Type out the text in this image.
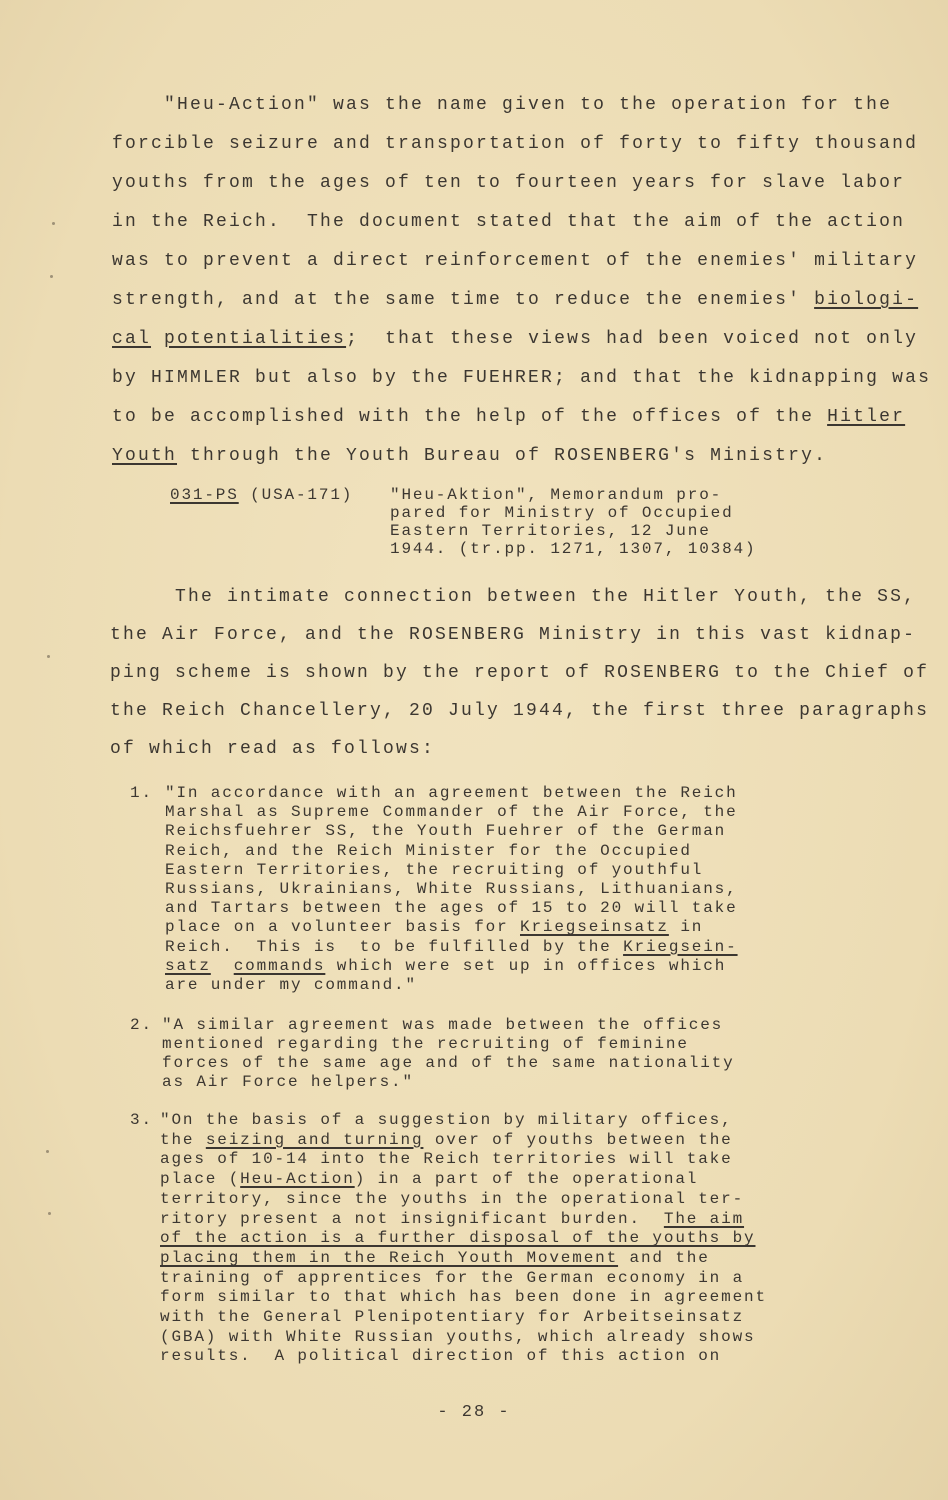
"Heu-Action" was the name given to the operation for the
forcible seizure and transportation of forty to fifty thousand
youths from the ages of ten to fourteen years for slave labor
in the Reich.  The document stated that the aim of the action
was to prevent a direct reinforcement of the enemies' military
strength, and at the same time to reduce the enemies' biologi-
cal potentialities;  that these views had been voiced not only
by HIMMLER but also by the FUEHRER; and that the kidnapping was
to be accomplished with the help of the offices of the Hitler
Youth through the Youth Bureau of ROSENBERG's Ministry.
031-PS (USA-171) "Heu-Aktion", Memorandum pro-
pared for Ministry of Occupied
Eastern Territories, 12 June
1944. (tr.pp. 1271, 1307, 10384)
The intimate connection between the Hitler Youth, the SS,
the Air Force, and the ROSENBERG Ministry in this vast kidnap-
ping scheme is shown by the report of ROSENBERG to the Chief of
the Reich Chancellery, 20 July 1944, the first three paragraphs
of which read as follows:
1. "In accordance with an agreement between the Reich
Marshal as Supreme Commander of the Air Force, the
Reichsfuehrer SS, the Youth Fuehrer of the German
Reich, and the Reich Minister for the Occupied
Eastern Territories, the recruiting of youthful
Russians, Ukrainians, White Russians, Lithuanians,
and Tartars between the ages of 15 to 20 will take
place on a volunteer basis for Kriegseinsatz in
Reich.  This is  to be fulfilled by the Kriegsein-
satz commands which were set up in offices which
are under my command."
2. "A similar agreement was made between the offices
mentioned regarding the recruiting of feminine
forces of the same age and of the same nationality
as Air Force helpers."
3. "On the basis of a suggestion by military offices,
the seizing and turning over of youths between the
ages of 10-14 into the Reich territories will take
place (Heu-Action) in a part of the operational
territory, since the youths in the operational ter-
ritory present a not insignificant burden.  The aim
of the action is a further disposal of the youths by
placing them in the Reich Youth Movement and the
training of apprentices for the German economy in a
form similar to that which has been done in agreement
with the General Plenipotentiary for Arbeitseinsatz
(GBA) with White Russian youths, which already shows
results.  A political direction of this action on
- 28 -
